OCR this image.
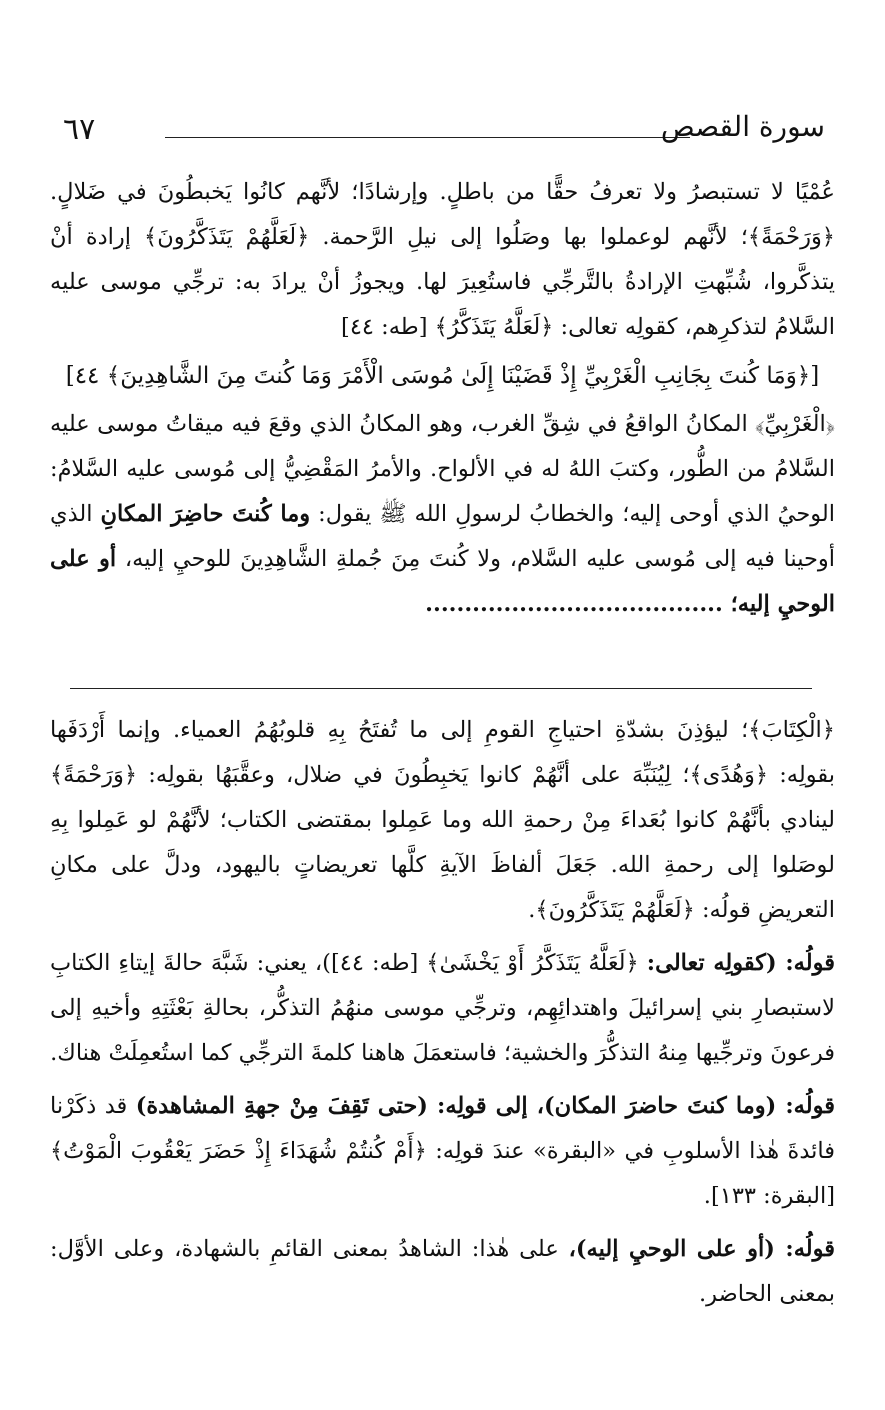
٦٧	سورة القصص

عُمْيًا لا تستبصرُ ولا تعرفُ حقًّا من باطلٍ. وإرشادًا؛ لأنَّهم كانُوا يَخبطُونَ في ضَلالٍ. ﴿وَرَحْمَةً﴾؛ لأنَّهم لوعملوا بها وصَلُوا إلى نيلِ الرَّحمة. ﴿لَعَلَّهُمْ يَتَذَكَّرُونَ﴾ إرادة أنْ يتذكَّروا، شُبِّهتِ الإرادةُ بالتَّرجِّي فاستُعِيرَ لها. ويجوزُ أنْ يرادَ به: ترجِّي موسى عليه السَّلامُ لتذكرِهم، كقولِه تعالى: ﴿لَعَلَّهُ يَتَذَكَّرُ﴾ [طه: ٤٤]

[﴿وَمَا كُنتَ بِجَانِبِ الْغَرْبِيِّ إِذْ قَضَيْنَا إِلَىٰ مُوسَى الْأَمْرَ وَمَا كُنتَ مِنَ الشَّاهِدِينَ﴾ ٤٤]

﴿الْغَرْبِيِّ﴾ المكانُ الواقعُ في شِقِّ الغرب، وهو المكانُ الذي وقعَ فيه ميقاتُ موسى عليه السَّلامُ من الطُّور، وكتبَ اللهُ له في الألواح. والأمرُ المَقْضِيُّ إلى مُوسى عليه السَّلامُ: الوحيُ الذي أوحى إليه؛ والخطابُ لرسولِ الله ﷺ يقول: وما كُنتَ حاضِرَ المكانِ الذي أوحينا فيه إلى مُوسى عليه السَّلام، ولا كُنتَ مِنَ جُملةِ الشَّاهِدِينَ للوحيِ إليه، أو على الوحيِ إليه؛ ......................................

﴿الْكِتَابَ﴾؛ ليؤذِنَ بشدّةِ احتياجِ القومِ إلى ما تُفتَحُ بِهِ قلوبُهُمُ العمياء. وإنما أَرْدَفَها بقولِه: ﴿وَهُدًى﴾؛ لِيُنَبِّهَ على أنَّهُمْ كانوا يَخبِطُونَ في ضلال، وعقَّبَهُا بقولِه: ﴿وَرَحْمَةً﴾ لينادي بأنَّهُمْ كانوا بُعَداءَ مِنْ رحمةِ الله وما عَمِلوا بمقتضى الكتاب؛ لأنَّهُمْ لو عَمِلوا بِهِ لوصَلوا إلى رحمةِ الله. جَعَلَ ألفاظَ الآيةِ كلَّها تعريضاتٍ باليهود، ودلَّ على مكانِ التعريضِ قولُه: ﴿لَعَلَّهُمْ يَتَذَكَّرُونَ﴾.

قولُه: (كقولِه تعالى: ﴿لَعَلَّهُ يَتَذَكَّرُ أَوْ يَخْشَىٰ﴾ [طه: ٤٤])، يعني: شَبَّهَ حالةَ إيتاءِ الكتابِ لاستبصارِ بني إسرائيلَ واهتدائِهِم، وترجِّي موسى منهُمُ التذكُّر، بحالةِ بَعْثَتِهِ وأخيهِ إلى فرعونَ وترجِّيها مِنهُ التذكُّرَ والخشية؛ فاستعمَلَ هاهنا كلمةَ الترجِّي كما استُعمِلَتْ هناك.

قولُه: (وما كنتَ حاضرَ المكان)، إلى قولِه: (حتى تَقِفَ مِنْ جهةِ المشاهدة) قد ذكَرْنا فائدةَ هٰذا الأسلوبِ في «البقرة» عندَ قولِه: ﴿أَمْ كُنتُمْ شُهَدَاءَ إِذْ حَضَرَ يَعْقُوبَ الْمَوْتُ﴾ [البقرة: ١٣٣].

قولُه: (أو على الوحيِ إليه)، على هٰذا: الشاهدُ بمعنى القائمِ بالشهادة، وعلى الأوَّل: بمعنى الحاضر.
